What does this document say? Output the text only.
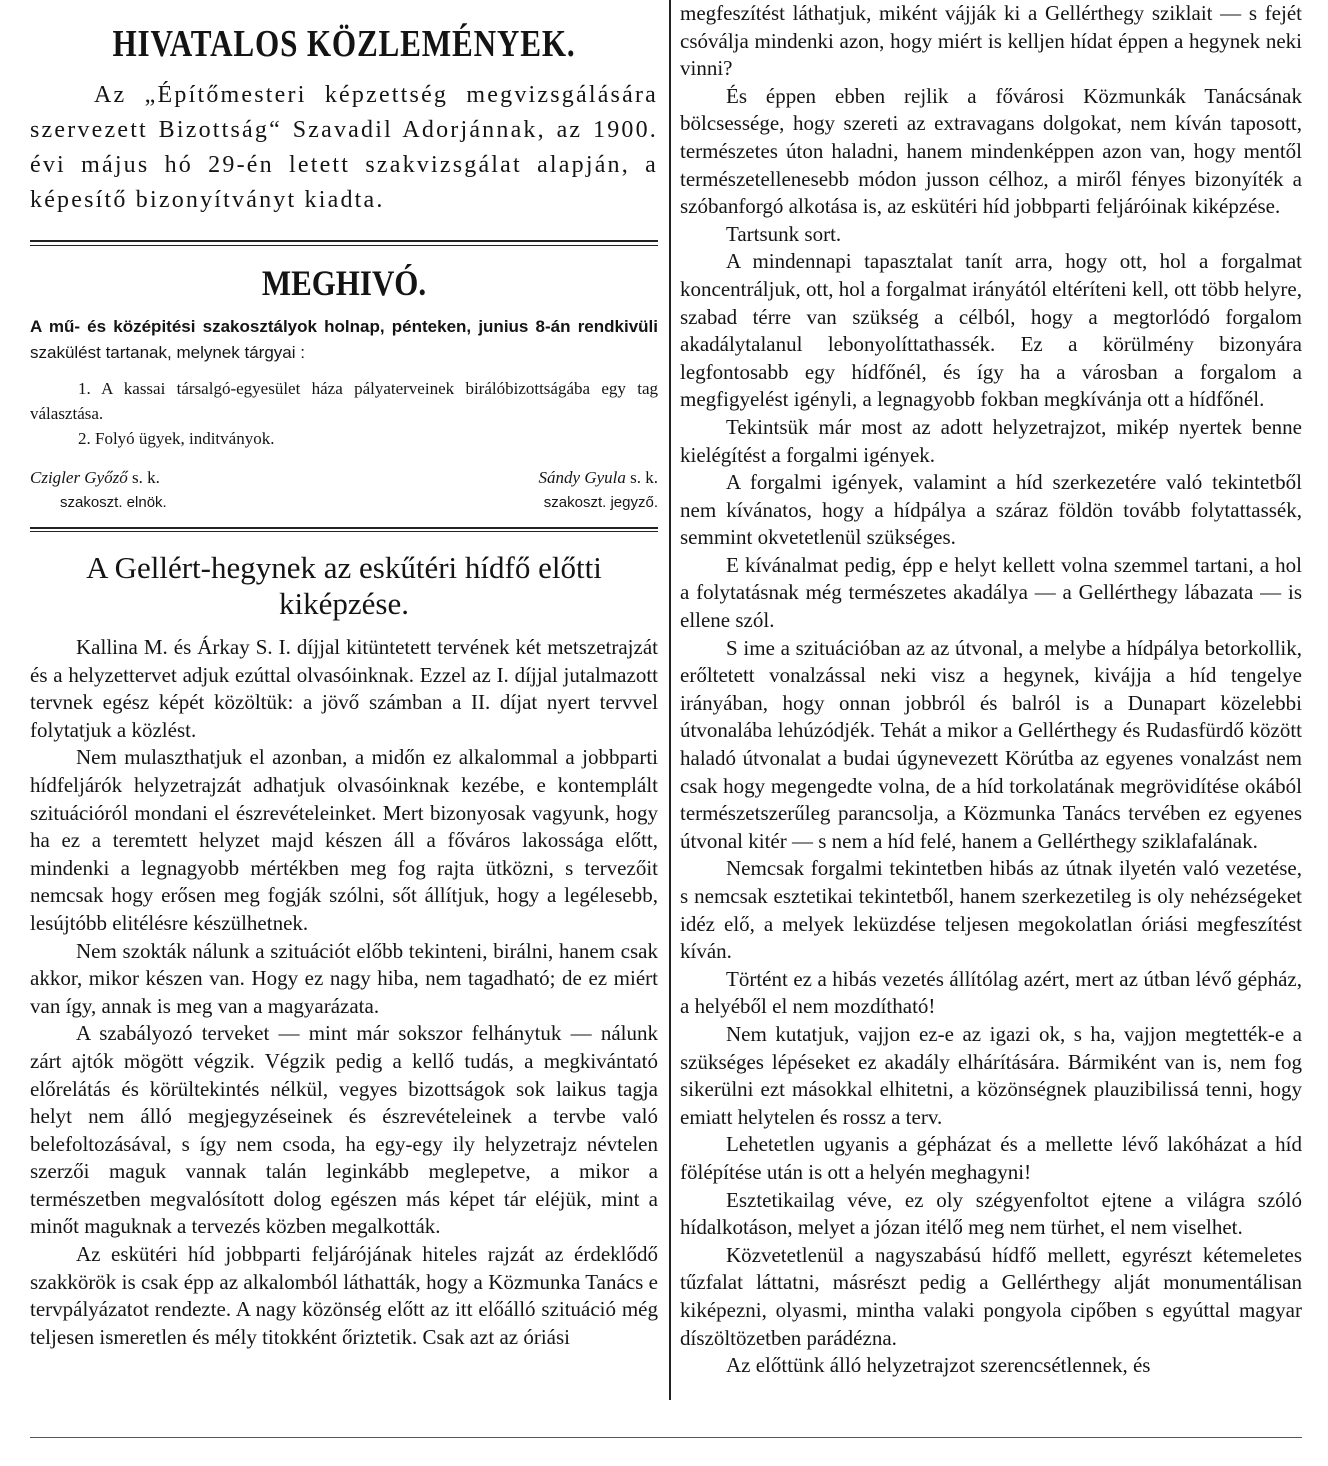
HIVATALOS KÖZLEMÉNYEK.

Az „Építőmesteri képzettség megvizsgálására szervezett Bizottság“ Szavadil Adorjánnak, az 1900. évi május hó 29-én letett szakvizsgálat alapján, a képesítő bizonyítványt kiadta.

MEGHIVÓ.

A mű- és középitési szakosztályok holnap, pénteken, junius 8-án rendkivüli szakülést tartanak, melynek tárgyai :

1. A kassai társalgó-egyesület háza pályaterveinek birálóbizottságába egy tag választása.

2. Folyó ügyek, inditványok.

Czigler Győző s. k.
szakoszt. elnök.
Sándy Gyula s. k.
szakoszt. jegyző.
A Gellért-hegynek az eskűtéri hídfő előtti kiképzése.

Kallina M. és Árkay S. I. díjjal kitüntetett tervének két metszetrajzát és a helyzettervet adjuk ezúttal olvasóinknak. Ezzel az I. díjjal jutalmazott tervnek egész képét közöltük: a jövő számban a II. díjat nyert tervvel folytatjuk a közlést.

Nem mulaszthatjuk el azonban, a midőn ez alkalommal a jobbparti hídfeljárók helyzetrajzát adhatjuk olvasóinknak kezébe, e kontemplált szituációról mondani el észrevételeinket. Mert bizonyosak vagyunk, hogy ha ez a teremtett helyzet majd készen áll a főváros lakossága előtt, mindenki a legnagyobb mértékben meg fog rajta ütközni, s tervezőit nemcsak hogy erősen meg fogják szólni, sőt állítjuk, hogy a legélesebb, lesújtóbb elitélésre készülhetnek.

Nem szokták nálunk a szituációt előbb tekinteni, birálni, hanem csak akkor, mikor készen van. Hogy ez nagy hiba, nem tagadható; de ez miért van így, annak is meg van a magyarázata.

A szabályozó terveket — mint már sokszor felhánytuk — nálunk zárt ajtók mögött végzik. Végzik pedig a kellő tudás, a megkivántató előrelátás és körültekintés nélkül, vegyes bizottságok sok laikus tagja helyt nem álló megjegyzéseinek és észrevételeinek a tervbe való belefoltozásával, s így nem csoda, ha egy-egy ily helyzetrajz névtelen szerzői maguk vannak talán leginkább meglepetve, a mikor a természetben megvalósított dolog egészen más képet tár eléjük, mint a minőt maguknak a tervezés közben megalkották.

Az eskütéri híd jobbparti feljárójának hiteles rajzát az érdeklődő szakkörök is csak épp az alkalomból láthatták, hogy a Közmunka Tanács e tervpályázatot rendezte. A nagy közönség előtt az itt előálló szituáció még teljesen ismeretlen és mély titokként őriztetik. Csak azt az óriási

megfeszítést láthatjuk, miként vájják ki a Gellérthegy sziklait — s fejét csóválja mindenki azon, hogy miért is kelljen hídat éppen a hegynek neki vinni?

És éppen ebben rejlik a fővárosi Közmunkák Tanácsának bölcsessége, hogy szereti az extravagans dolgokat, nem kíván taposott, természetes úton haladni, hanem mindenképpen azon van, hogy mentől természetellenesebb módon jusson célhoz, a miről fényes bizonyíték a szóbanforgó alkotása is, az eskütéri híd jobbparti feljáróinak kiképzése.

Tartsunk sort.

A mindennapi tapasztalat tanít arra, hogy ott, hol a forgalmat koncentráljuk, ott, hol a forgalmat irányától eltéríteni kell, ott több helyre, szabad térre van szükség a célból, hogy a megtorlódó forgalom akadálytalanul lebonyolíttathassék. Ez a körülmény bizonyára legfontosabb egy hídfőnél, és így ha a városban a forgalom a megfigyelést igényli, a legnagyobb fokban megkívánja ott a hídfőnél.

Tekintsük már most az adott helyzetrajzot, mikép nyertek benne kielégítést a forgalmi igények.

A forgalmi igények, valamint a híd szerkezetére való tekintetből nem kívánatos, hogy a hídpálya a száraz földön tovább folytattassék, semmint okvetetlenül szükséges.

E kívánalmat pedig, épp e helyt kellett volna szemmel tartani, a hol a folytatásnak még természetes akadálya — a Gellérthegy lábazata — is ellene szól.

S ime a szituációban az az útvonal, a melybe a hídpálya betorkollik, erőltetett vonalzással neki visz a hegynek, kivájja a híd tengelye irányában, hogy onnan jobbról és balról is a Dunapart közelebbi útvonalába lehúzódjék. Tehát a mikor a Gellérthegy és Rudasfürdő között haladó útvonalat a budai úgynevezett Körútba az egyenes vonalzást nem csak hogy megengedte volna, de a híd torkolatának megrövidítése okából természetszerűleg parancsolja, a Közmunka Tanács tervében ez egyenes útvonal kitér — s nem a híd felé, hanem a Gellérthegy sziklafalának.

Nemcsak forgalmi tekintetben hibás az útnak ilyetén való vezetése, s nemcsak esztetikai tekintetből, hanem szerkezetileg is oly nehézségeket idéz elő, a melyek leküzdése teljesen megokolatlan óriási megfeszítést kíván.

Történt ez a hibás vezetés állítólag azért, mert az útban lévő gépház, a helyéből el nem mozdítható!

Nem kutatjuk, vajjon ez-e az igazi ok, s ha, vajjon megtették-e a szükséges lépéseket ez akadály elhárítására. Bármiként van is, nem fog sikerülni ezt másokkal elhitetni, a közönségnek plauzibilissá tenni, hogy emiatt helytelen és rossz a terv.

Lehetetlen ugyanis a gépházat és a mellette lévő lakóházat a híd fölépítése után is ott a helyén meghagyni!

Esztetikailag véve, ez oly szégyenfoltot ejtene a világra szóló hídalkotáson, melyet a józan itélő meg nem türhet, el nem viselhet.

Közvetetlenül a nagyszabású hídfő mellett, egyrészt kétemeletes tűzfalat láttatni, másrészt pedig a Gellérthegy alját monumentálisan kiképezni, olyasmi, mintha valaki pongyola cipőben s egyúttal magyar díszöltözetben parádézna.

Az előttünk álló helyzetrajzot szerencsétlennek, és
